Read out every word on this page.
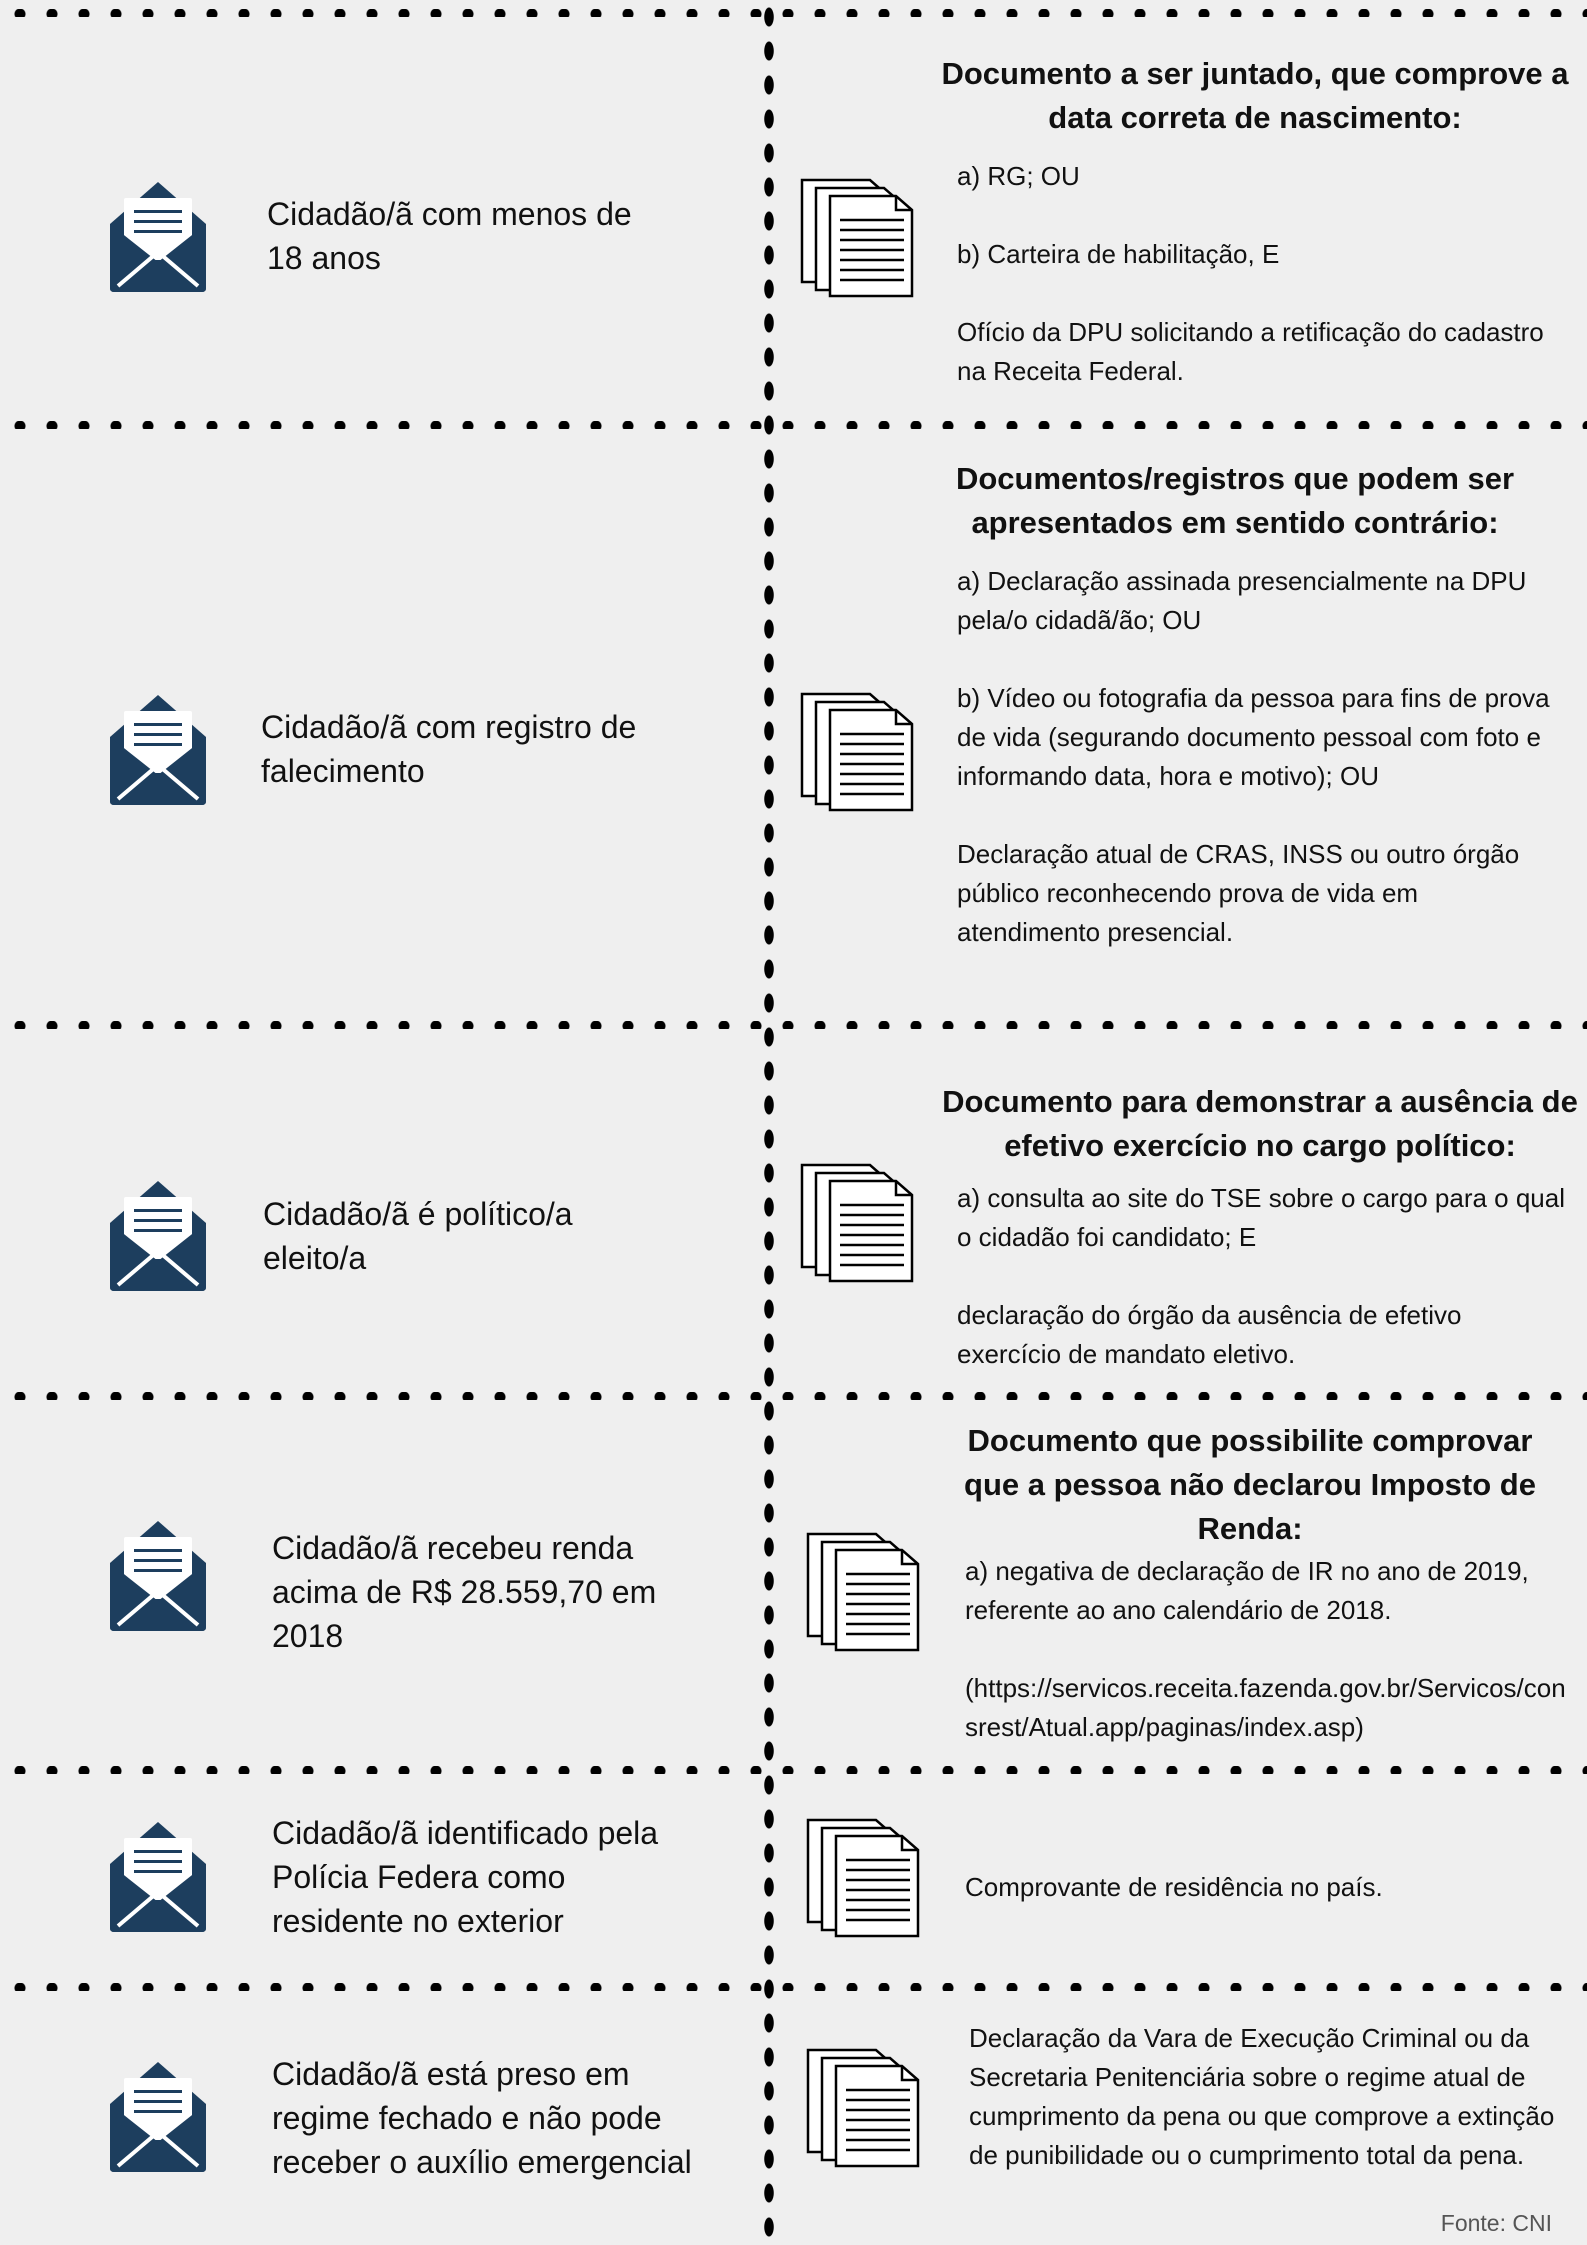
Cidadão/ã com menos de 18 anos
Documento a ser juntado, que comprove a data correta de nascimento:

a) RG; OU

b) Carteira de habilitação, E

Ofício da DPU solicitando a retificação do cadastro na Receita Federal.

Cidadão/ã com registro de falecimento
Documentos/registros que podem ser apresentados em sentido contrário:

a) Declaração assinada presencialmente na DPU pela/o cidadã/ão; OU

b) Vídeo ou fotografia da pessoa para fins de prova de vida (segurando documento pessoal com foto e informando data, hora e motivo); OU

Declaração atual de CRAS, INSS ou outro órgão público reconhecendo prova de vida em atendimento presencial.

Cidadão/ã é político/a eleito/a
Documento para demonstrar a ausência de efetivo exercício no cargo político:

a) consulta ao site do TSE sobre o cargo para o qual o cidadão foi candidato; E

declaração do órgão da ausência de efetivo exercício de mandato eletivo.

Cidadão/ã recebeu renda acima de R$ 28.559,70 em 2018
Documento que possibilite comprovar que a pessoa não declarou Imposto de Renda:

a) negativa de declaração de IR no ano de 2019, referente ao ano calendário de 2018.

(https://servicos.receita.fazenda.gov.br/Servicos/consrest/Atual.app/paginas/index.asp)

Cidadão/ã identificado pela Polícia Federa como residente no exterior

Comprovante de residência no país.

Cidadão/ã está preso em regime fechado e não pode receber o auxílio emergencial

Declaração da Vara de Execução Criminal ou da Secretaria Penitenciária sobre o regime atual de cumprimento da pena ou que comprove a extinção de punibilidade ou o cumprimento total da pena.

Fonte: CNI
